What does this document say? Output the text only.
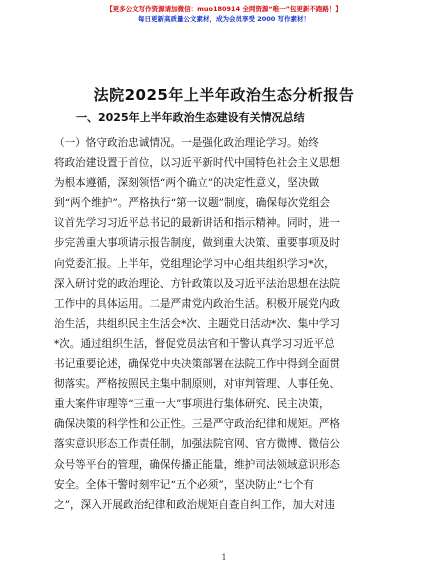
【更多公文写作资源请加微信：muo180914 全网资源“唯一”包更新不跑路！】
每日更新高质量公文素材，成为会员享受 2000 写作素材！
法院2025年上半年政治生态分析报告
一、2025年上半年政治生态建设有关情况总结
（一）恪守政治忠诚情况。一是强化政治理论学习。始终
将政治建设置于首位，以习近平新时代中国特色社会主义思想
为根本遵循，深刻领悟“两个确立”的决定性意义，坚决做
到“两个维护”。严格执行“第一议题”制度，确保每次党组会
议首先学习习近平总书记的最新讲话和指示精神。同时，进一
步完善重大事项请示报告制度，做到重大决策、重要事项及时
向党委汇报。上半年，党组理论学习中心组共组织学习*次，
深入研讨党的政治理论、方针政策以及习近平法治思想在法院
工作中的具体运用。二是严肃党内政治生活。积极开展党内政
治生活，共组织民主生活会*次、主题党日活动*次、集中学习
*次。通过组织生活，督促党员法官和干警认真学习习近平总
书记重要论述，确保党中央决策部署在法院工作中得到全面贯
彻落实。严格按照民主集中制原则，对审判管理、人事任免、
重大案件审理等“三重一大”事项进行集体研究、民主决策，
确保决策的科学性和公正性。三是严守政治纪律和规矩。严格
落实意识形态工作责任制，加强法院官网、官方微博、微信公
众号等平台的管理，确保传播正能量，维护司法领域意识形态
安全。全体干警时刻牢记“五个必须”，坚决防止“七个有
之”，深入开展政治纪律和政治规矩自查自纠工作，加大对违
1
